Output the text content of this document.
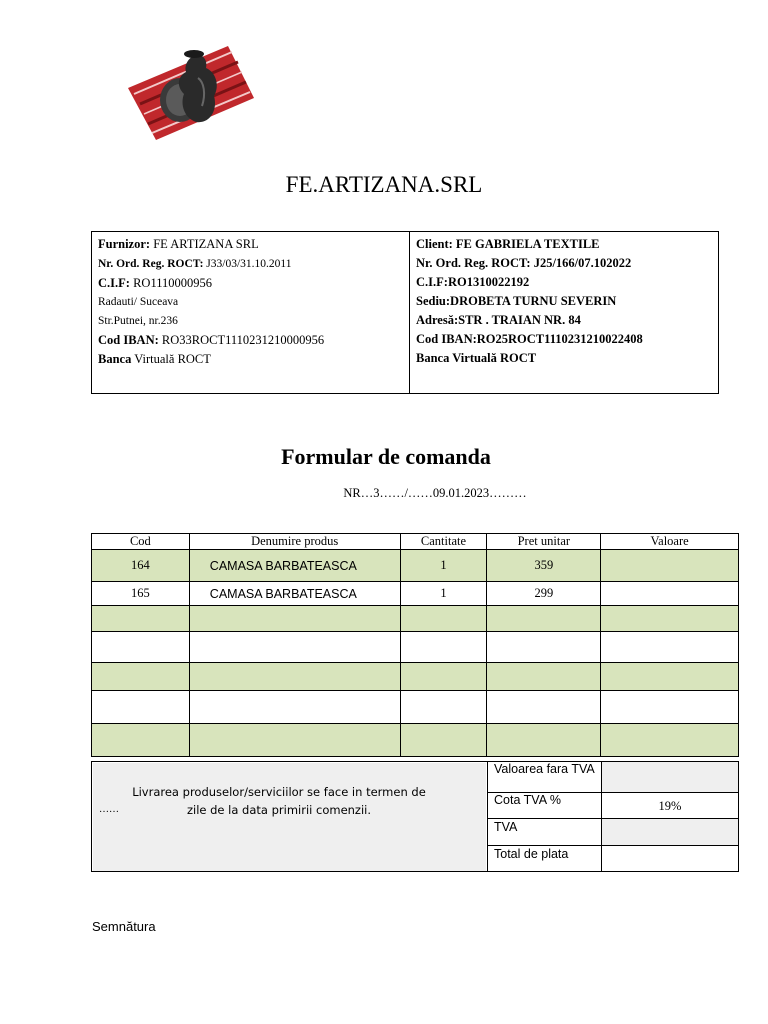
FE.ARTIZANA.SRL
Furnizor: FE ARTIZANA SRL
Nr. Ord. Reg. ROCT: J33/03/31.10.2011
C.I.F: RO1110000956
Radauti/ Suceava
Str.Putnei, nr.236
Cod IBAN: RO33ROCT1110231210000956
Banca Virtuală ROCT
Client: FE GABRIELA TEXTILE
Nr. Ord. Reg. ROCT: J25/166/07.102022
C.I.F:RO1310022192
Sediu:DROBETA TURNU SEVERIN
Adresă:STR . TRAIAN NR. 84
Cod IBAN:RO25ROCT1110231210022408
Banca Virtuală ROCT
Formular de comanda
NR…3……/……09.01.2023………
Cod	Denumire produs	Cantitate	Pret unitar	Valoare
164	CAMASA BARBATEASCA	1	359	
165	CAMASA BARBATEASCA	1	299	

Livrarea produselor/serviciilor se face in termen de
zile de la data primirii comenzii.
……
Valoarea fara TVA
Cota TVA %	19%
TVA
Total de plata
Semnătura
